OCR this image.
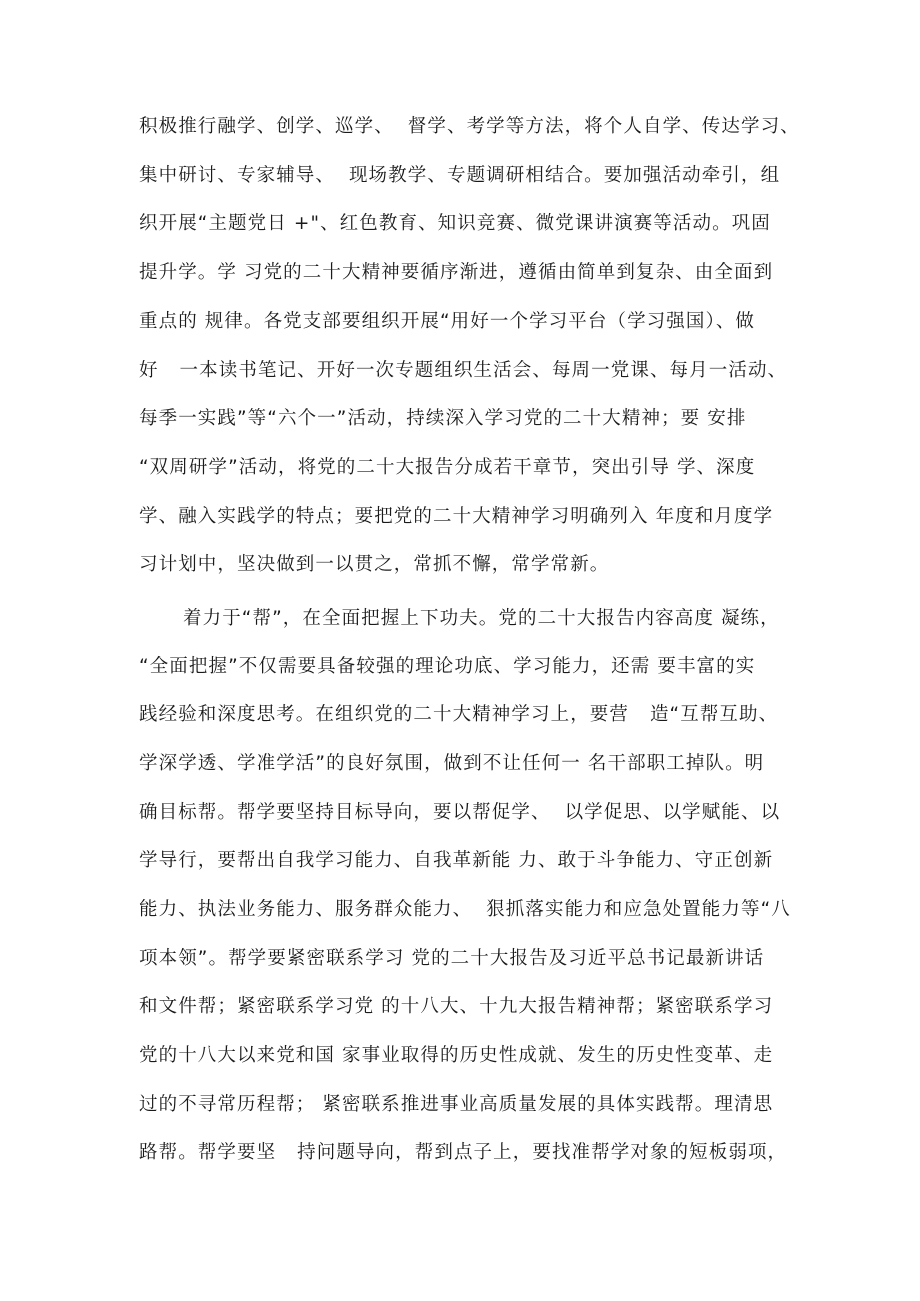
积极推行融学、创学、巡学、  督学、考学等方法，将个人自学、传达学习、
集中研讨、专家辅导、  现场教学、专题调研相结合。要加强活动牵引，组
织开展“主题党日 +"、红色教育、知识竞赛、微党课讲演赛等活动。巩固
提升学。学 习党的二十大精神要循序渐进，遵循由简单到复杂、由全面到
重点的 规律。各党支部要组织开展“用好一个学习平台（学习强国）、做
好   一本读书笔记、开好一次专题组织生活会、每周一党课、每月一活动、
每季一实践”等“六个一”活动，持续深入学习党的二十大精神；要 安排
“双周研学”活动，将党的二十大报告分成若干章节，突出引导 学、深度
学、融入实践学的特点；要把党的二十大精神学习明确列入 年度和月度学
习计划中，坚决做到一以贯之，常抓不懈，常学常新。
着力于“帮”，在全面把握上下功夫。党的二十大报告内容高度 凝练，
“全面把握”不仅需要具备较强的理论功底、学习能力，还需 要丰富的实
践经验和深度思考。在组织党的二十大精神学习上，要营   造“互帮互助、
学深学透、学准学活”的良好氛围，做到不让任何一 名干部职工掉队。明
确目标帮。帮学要坚持目标导向，要以帮促学、  以学促思、以学赋能、以
学导行，要帮出自我学习能力、自我革新能 力、敢于斗争能力、守正创新
能力、执法业务能力、服务群众能力、  狠抓落实能力和应急处置能力等“八
项本领”。帮学要紧密联系学习 党的二十大报告及习近平总书记最新讲话
和文件帮；紧密联系学习党 的十八大、十九大报告精神帮；紧密联系学习
党的十八大以来党和国 家事业取得的历史性成就、发生的历史性变革、走
过的不寻常历程帮； 紧密联系推进事业高质量发展的具体实践帮。理清思
路帮。帮学要坚   持问题导向，帮到点子上，要找准帮学对象的短板弱项，
